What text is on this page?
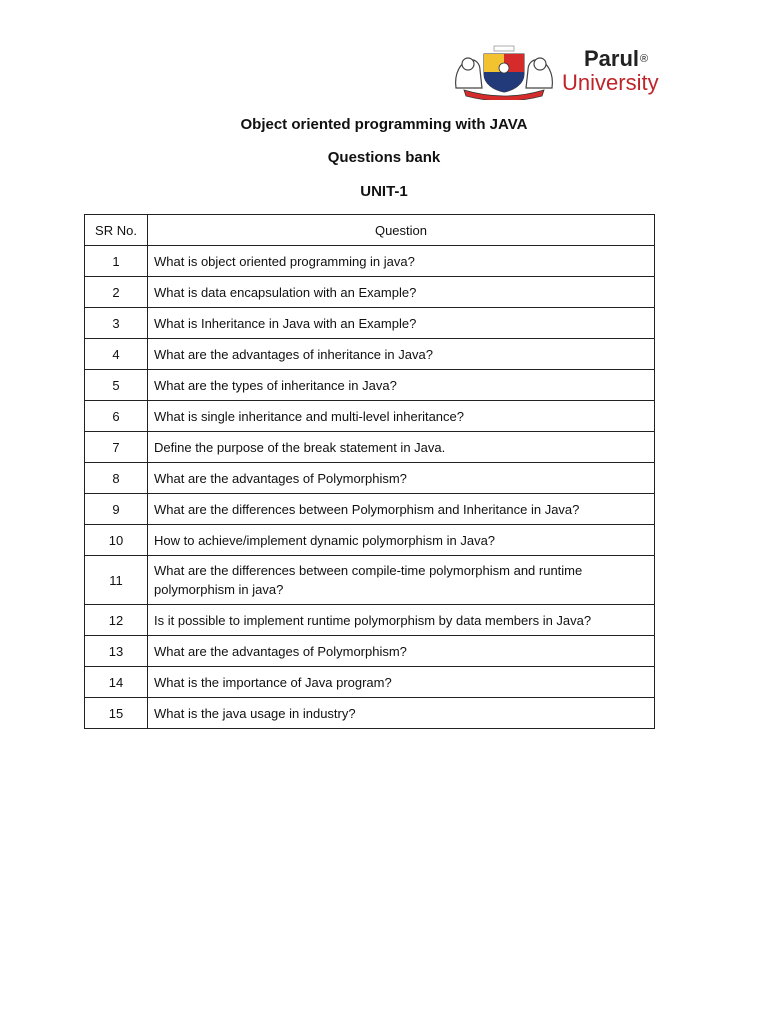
Parul®
University
Object oriented programming with JAVA
Questions bank
UNIT-1
SR No.	Question
1	What is object oriented programming in java?
2	What is data encapsulation with an Example?
3	What is Inheritance in Java with an Example?
4	What are the advantages of inheritance in Java?
5	What are the types of inheritance in Java?
6	What is single inheritance and multi-level inheritance?
7	Define the purpose of the break statement in Java.
8	What are the advantages of Polymorphism?
9	What are the differences between Polymorphism and Inheritance in Java?
10	How to achieve/implement dynamic polymorphism in Java?
11	What are the differences between compile-time polymorphism and runtime polymorphism in java?

12	Is it possible to implement runtime polymorphism by data members in Java?
13	What are the advantages of Polymorphism?
14	What is the importance of Java program?
15	What is the java usage in industry?
